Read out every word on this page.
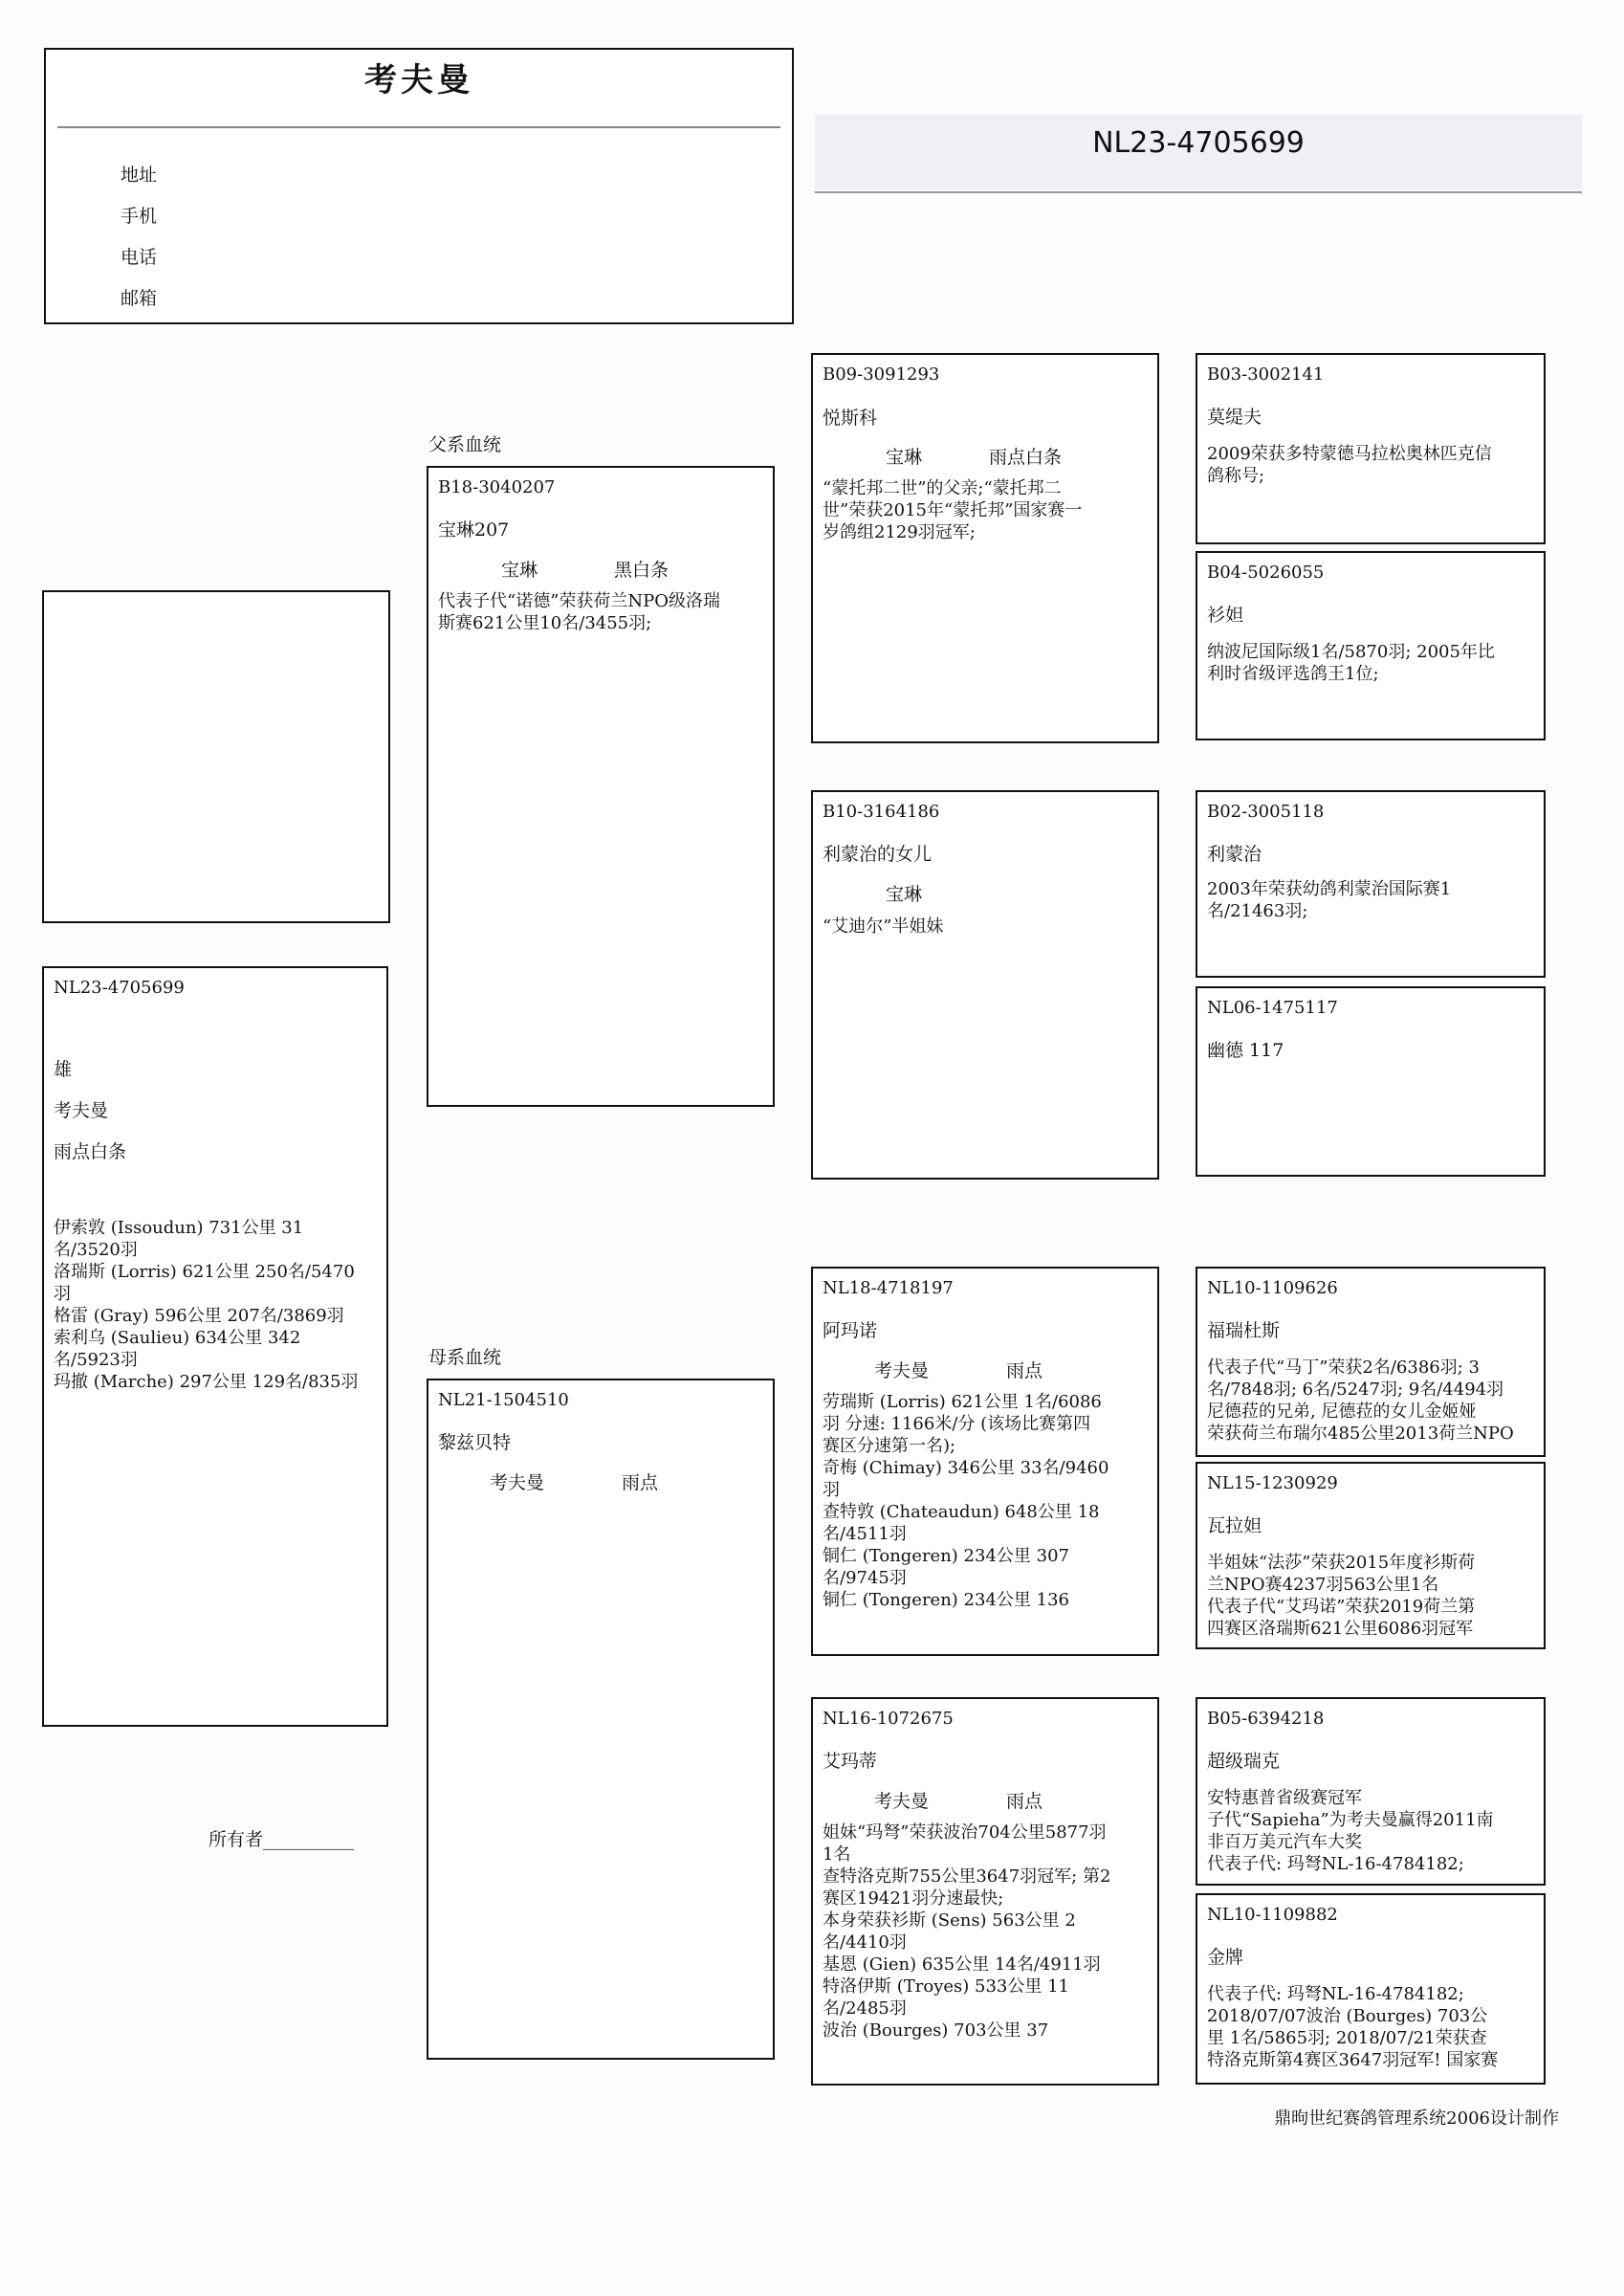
考夫曼
地址
手机
电话
邮箱
NL23-4705699
父系血统
母系血统
NL23-4705699
雄
考夫曼
雨点白条
伊索敦 (Issoudun) 731公里 31
名/3520羽
洛瑞斯 (Lorris) 621公里 250名/5470
羽
格雷 (Gray) 596公里 207名/3869羽
索利乌 (Saulieu) 634公里 342
名/5923羽
玛撤 (Marche) 297公里 129名/835羽
所有者__________
B18-3040207
宝琳207
宝琳	黑白条
代表子代“诺德”荣获荷兰NPO级洛瑞
斯赛621公里10名/3455羽;
NL21-1504510
黎兹贝特
考夫曼	雨点
B09-3091293
悦斯科
宝琳	雨点白条
“蒙托邦二世”的父亲;“蒙托邦二
世”荣获2015年“蒙托邦”国家赛一
岁鸽组2129羽冠军;
B10-3164186
利蒙治的女儿
宝琳
“艾迪尔”半姐妹
NL18-4718197
阿玛诺
考夫曼	雨点
劳瑞斯 (Lorris) 621公里 1名/6086
羽 分速: 1166米/分 (该场比赛第四
赛区分速第一名);
奇梅 (Chimay) 346公里 33名/9460
羽
查特敦 (Chateaudun) 648公里 18
名/4511羽
铜仁 (Tongeren) 234公里 307
名/9745羽
铜仁 (Tongeren) 234公里 136
NL16-1072675
艾玛蒂
考夫曼	雨点
姐妹“玛弩”荣获波治704公里5877羽
1名
查特洛克斯755公里3647羽冠军; 第2
赛区19421羽分速最快;
本身荣获衫斯 (Sens) 563公里 2
名/4410羽
基恩 (Gien) 635公里 14名/4911羽
特洛伊斯 (Troyes) 533公里 11
名/2485羽
波治 (Bourges) 703公里 37
B03-3002141
莫缇夫
2009荣获多特蒙德马拉松奥林匹克信
鸽称号;
B04-5026055
衫妲
纳波尼国际级1名/5870羽; 2005年比
利时省级评选鸽王1位;
B02-3005118
利蒙治
2003年荣获幼鸽利蒙治国际赛1
名/21463羽;
NL06-1475117
幽德 117
NL10-1109626
福瑞杜斯
代表子代“马丁”荣获2名/6386羽; 3
名/7848羽; 6名/5247羽; 9名/4494羽
尼德菈的兄弟, 尼德菈的女儿金姬娅
荣获荷兰布瑞尔485公里2013荷兰NPO
NL15-1230929
瓦拉妲
半姐妹“法莎”荣获2015年度衫斯荷
兰NPO赛4237羽563公里1名
代表子代“艾玛诺”荣获2019荷兰第
四赛区洛瑞斯621公里6086羽冠军
B05-6394218
超级瑞克
安特惠普省级赛冠军
子代“Sapieha”为考夫曼赢得2011南
非百万美元汽车大奖
代表子代: 玛弩NL-16-4784182;
NL10-1109882
金牌
代表子代: 玛弩NL-16-4784182;
2018/07/07波治 (Bourges) 703公
里 1名/5865羽; 2018/07/21荣获查
特洛克斯第4赛区3647羽冠军! 国家赛
鼎昫世纪赛鸽管理系统2006设计制作
